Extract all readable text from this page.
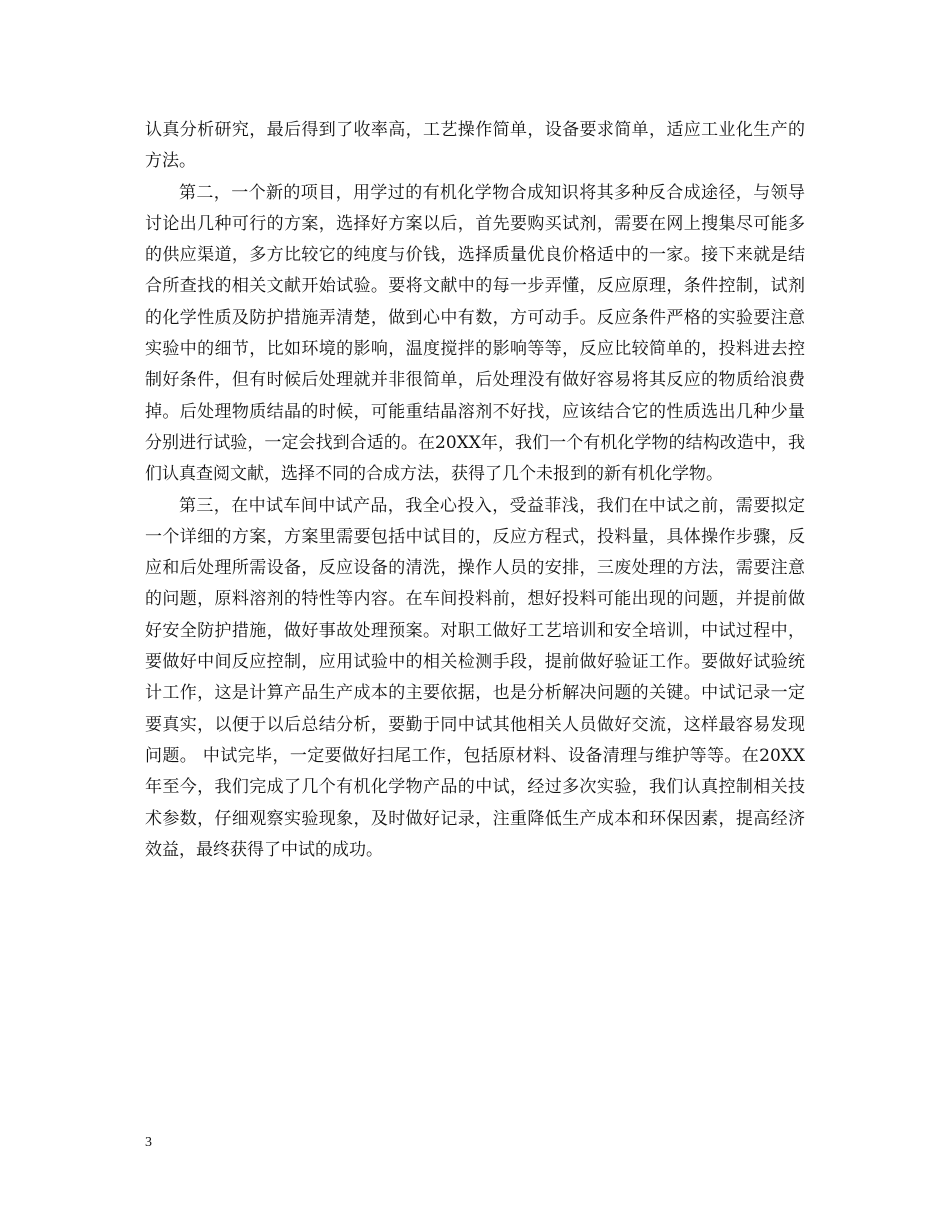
认真分析研究，最后得到了收率高，工艺操作简单，设备要求简单，适应工业化生产的方法。

第二，一个新的项目，用学过的有机化学物合成知识将其多种反合成途径，与领导讨论出几种可行的方案，选择好方案以后，首先要购买试剂，需要在网上搜集尽可能多的供应渠道，多方比较它的纯度与价钱，选择质量优良价格适中的一家。接下来就是结合所查找的相关文献开始试验。要将文献中的每一步弄懂，反应原理，条件控制，试剂的化学性质及防护措施弄清楚，做到心中有数，方可动手。反应条件严格的实验要注意实验中的细节，比如环境的影响，温度搅拌的影响等等，反应比较简单的，投料进去控制好条件，但有时候后处理就并非很简单，后处理没有做好容易将其反应的物质给浪费掉。后处理物质结晶的时候，可能重结晶溶剂不好找，应该结合它的性质选出几种少量分别进行试验，一定会找到合适的。在20XX年，我们一个有机化学物的结构改造中，我们认真查阅文献，选择不同的合成方法，获得了几个未报到的新有机化学物。

第三，在中试车间中试产品，我全心投入，受益菲浅，我们在中试之前，需要拟定一个详细的方案，方案里需要包括中试目的，反应方程式，投料量，具体操作步骤，反应和后处理所需设备，反应设备的清洗，操作人员的安排，三废处理的方法，需要注意的问题，原料溶剂的特性等内容。在车间投料前，想好投料可能出现的问题，并提前做好安全防护措施，做好事故处理预案。对职工做好工艺培训和安全培训，中试过程中，要做好中间反应控制，应用试验中的相关检测手段，提前做好验证工作。要做好试验统计工作，这是计算产品生产成本的主要依据，也是分析解决问题的关键。中试记录一定要真实，以便于以后总结分析，要勤于同中试其他相关人员做好交流，这样最容易发现问题。 中试完毕，一定要做好扫尾工作，包括原材料、设备清理与维护等等。在20XX年至今，我们完成了几个有机化学物产品的中试，经过多次实验，我们认真控制相关技术参数，仔细观察实验现象，及时做好记录，注重降低生产成本和环保因素，提高经济效益，最终获得了中试的成功。

3
